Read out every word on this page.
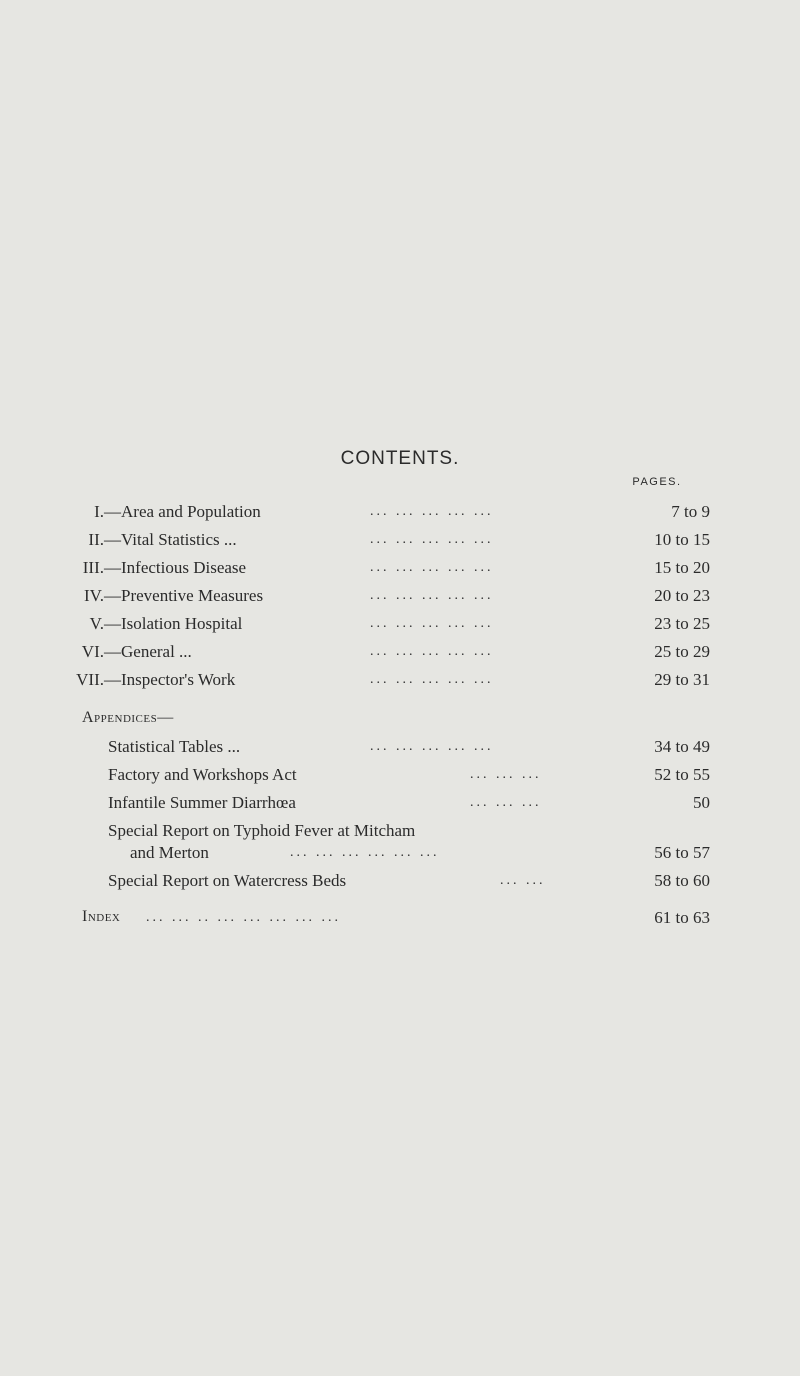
CONTENTS.
PAGES.
I.—Area and Population	... ... ... ... ...	7 to 9
II.—Vital Statistics ...	... ... ... ... ...	10 to 15
III.—Infectious Disease	... ... ... ... ...	15 to 20
IV.—Preventive Measures	... ... ... ... ...	20 to 23
V.—Isolation Hospital	... ... ... ... ...	23 to 25
VI.—General ...	... ... ... ... ...	25 to 29
VII.—Inspector's Work	... ... ... ... ...	29 to 31
Appendices—
Statistical Tables ...	... ... ... ... ...	34 to 49
Factory and Workshops Act	... ... ...	52 to 55
Infantile Summer Diarrhœa	... ... ...	50
Special Report on Typhoid Fever at Mitcham
and Merton	... ... ... ... ... ...	56 to 57
Special Report on Watercress Beds	... ...	58 to 60
Index ... ... .. ... ... ... ... ...	61 to 63
